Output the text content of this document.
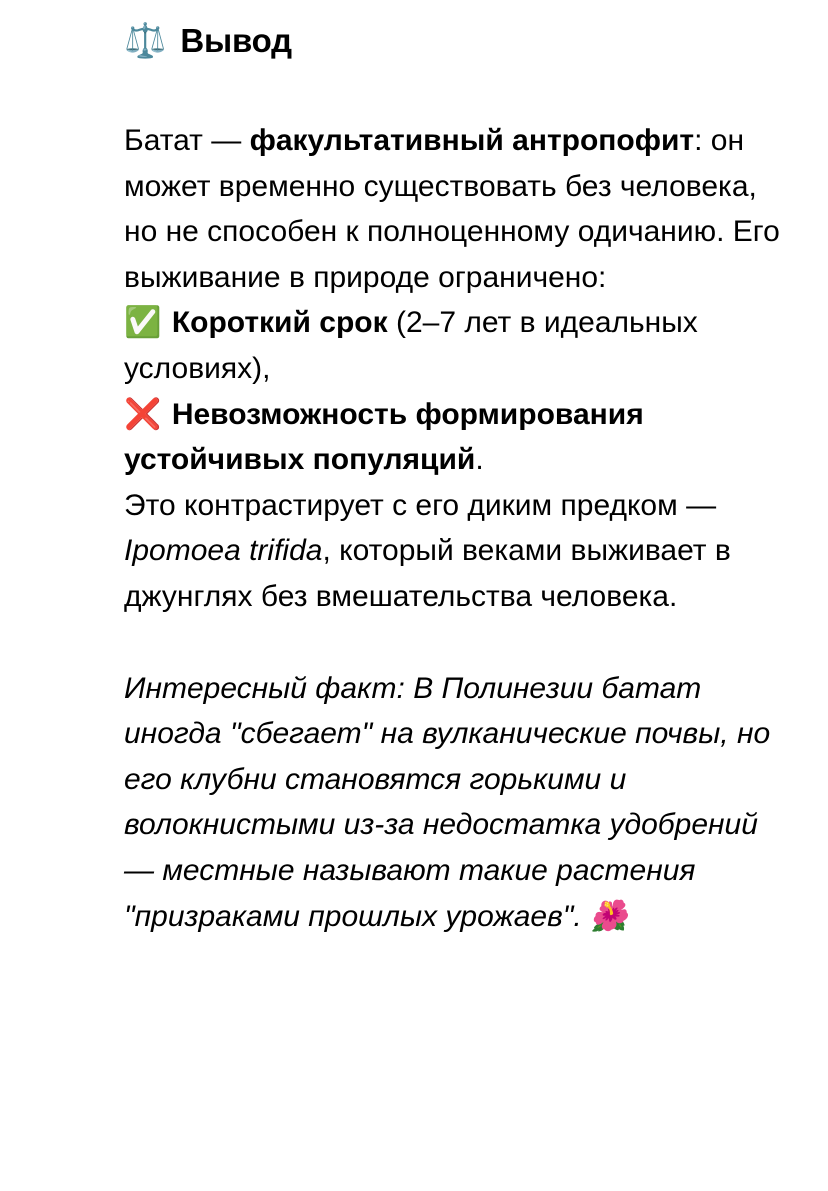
⚖️ Вывод

Батат — факультативный антропофит: он может временно существовать без человека, но не способен к полноценному одичанию. Его выживание в природе ограничено:

✅ Короткий срок (2–7 лет в идеальных условиях),

❌ Невозможность формирования устойчивых популяций.

Это контрастирует с его диким предком — Ipomoea trifida, который веками выживает в джунглях без вмешательства человека.

Интересный факт: В Полинезии батат иногда "сбегает" на вулканические почвы, но его клубни становятся горькими и волокнистыми из-за недостатка удобрений — местные называют такие растения "призраками прошлых урожаев". 🌺
